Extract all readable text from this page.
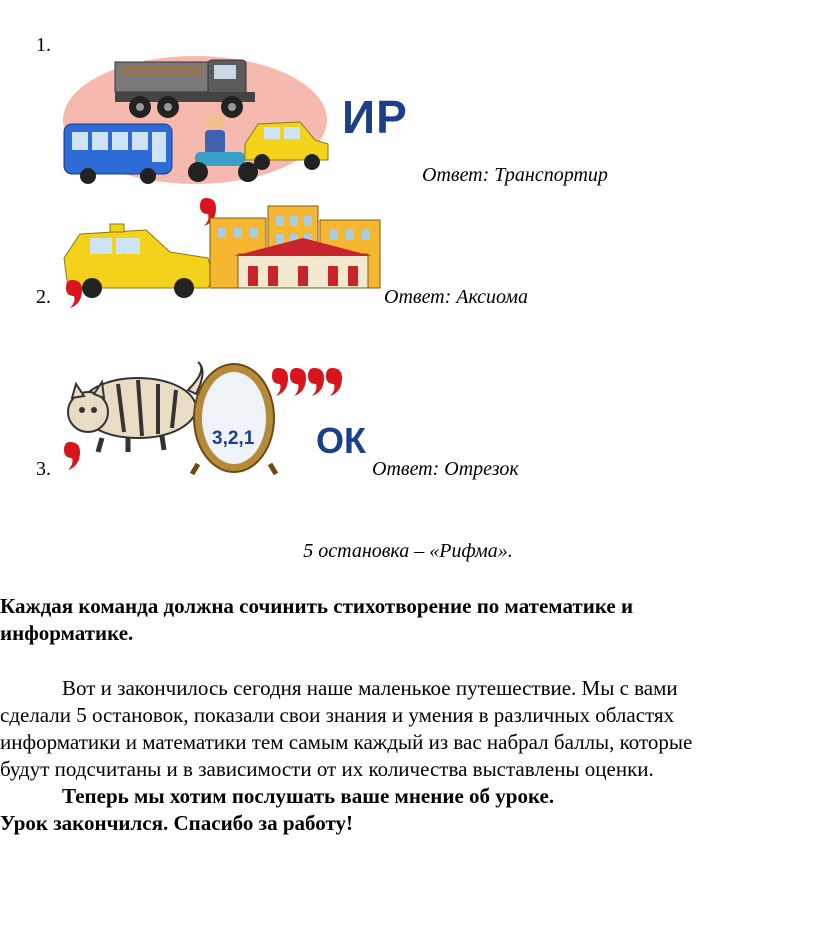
1.
ИР
Ответ: Транспортир
2.	Ответ: Аксиома
3,2,1 ОК
3.	Ответ: Отрезок
5 остановка – «Рифма».
Каждая команда должна сочинить стихотворение по математике и информатике.
Вот и закончилось сегодня наше маленькое путешествие. Мы с вами
сделали 5 остановок, показали свои знания и умения в различных областях
информатики и математики тем самым каждый из вас набрал баллы, которые
будут подсчитаны и в зависимости от их количества выставлены оценки.
Теперь мы хотим послушать ваше мнение об уроке.
Урок закончился. Спасибо за работу!
